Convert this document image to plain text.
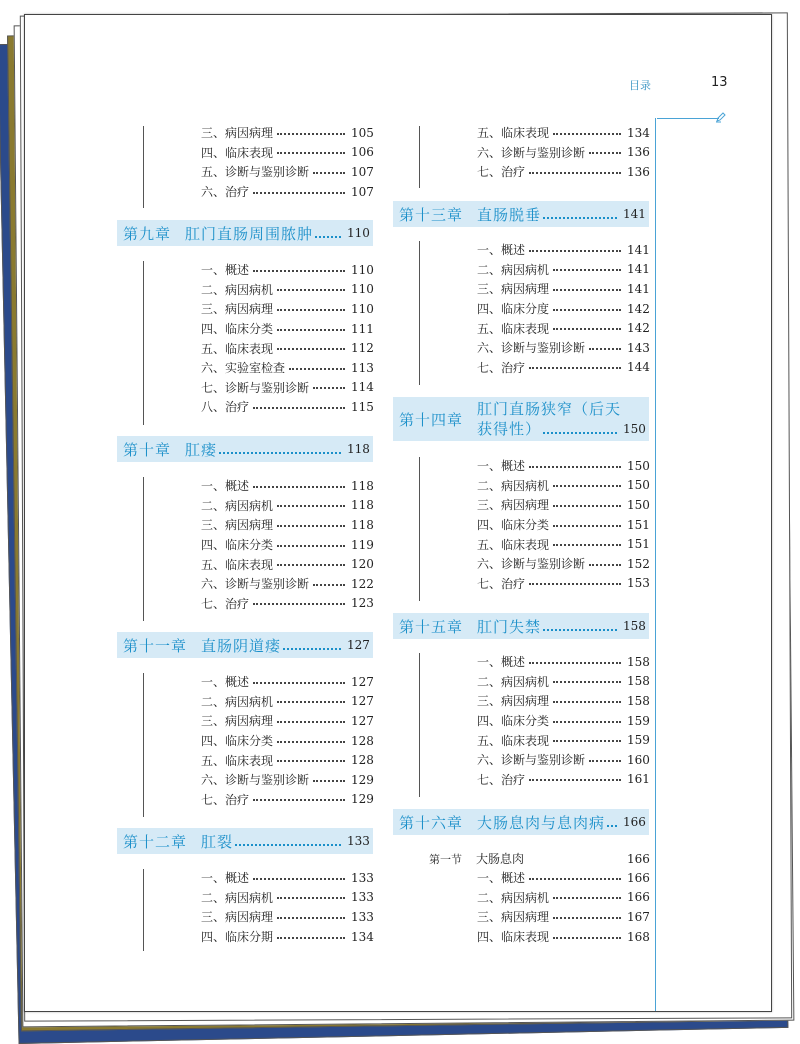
目录	13
三、病因病理	105
四、临床表现	106
五、诊断与鉴别诊断	107
六、治疗	107
第九章 肛门直肠周围脓肿	110
一、概述	110
二、病因病机	110
三、病因病理	110
四、临床分类	111
五、临床表现	112
六、实验室检查	113
七、诊断与鉴别诊断	114
八、治疗	115
第十章 肛瘘	118
一、概述	118
二、病因病机	118
三、病因病理	118
四、临床分类	119
五、临床表现	120
六、诊断与鉴别诊断	122
七、治疗	123
第十一章 直肠阴道瘘	127
一、概述	127
二、病因病机	127
三、病因病理	127
四、临床分类	128
五、临床表现	128
六、诊断与鉴别诊断	129
七、治疗	129
第十二章 肛裂	133
一、概述	133
二、病因病机	133
三、病因病理	133
四、临床分期	134
五、临床表现	134
六、诊断与鉴别诊断	136
七、治疗	136
第十三章 直肠脱垂	141
一、概述	141
二、病因病机	141
三、病因病理	141
四、临床分度	142
五、临床表现	142
六、诊断与鉴别诊断	143
七、治疗	144
第十四章
肛门直肠狭窄（后天
获得性）	150
一、概述	150
二、病因病机	150
三、病因病理	150
四、临床分类	151
五、临床表现	151
六、诊断与鉴别诊断	152
七、治疗	153
第十五章 肛门失禁	158
一、概述	158
二、病因病机	158
三、病因病理	158
四、临床分类	159
五、临床表现	159
六、诊断与鉴别诊断	160
七、治疗	161
第十六章 大肠息肉与息肉病 166
第一节 大肠息肉	166
一、概述	166
二、病因病机	166
三、病因病理	167
四、临床表现	168
